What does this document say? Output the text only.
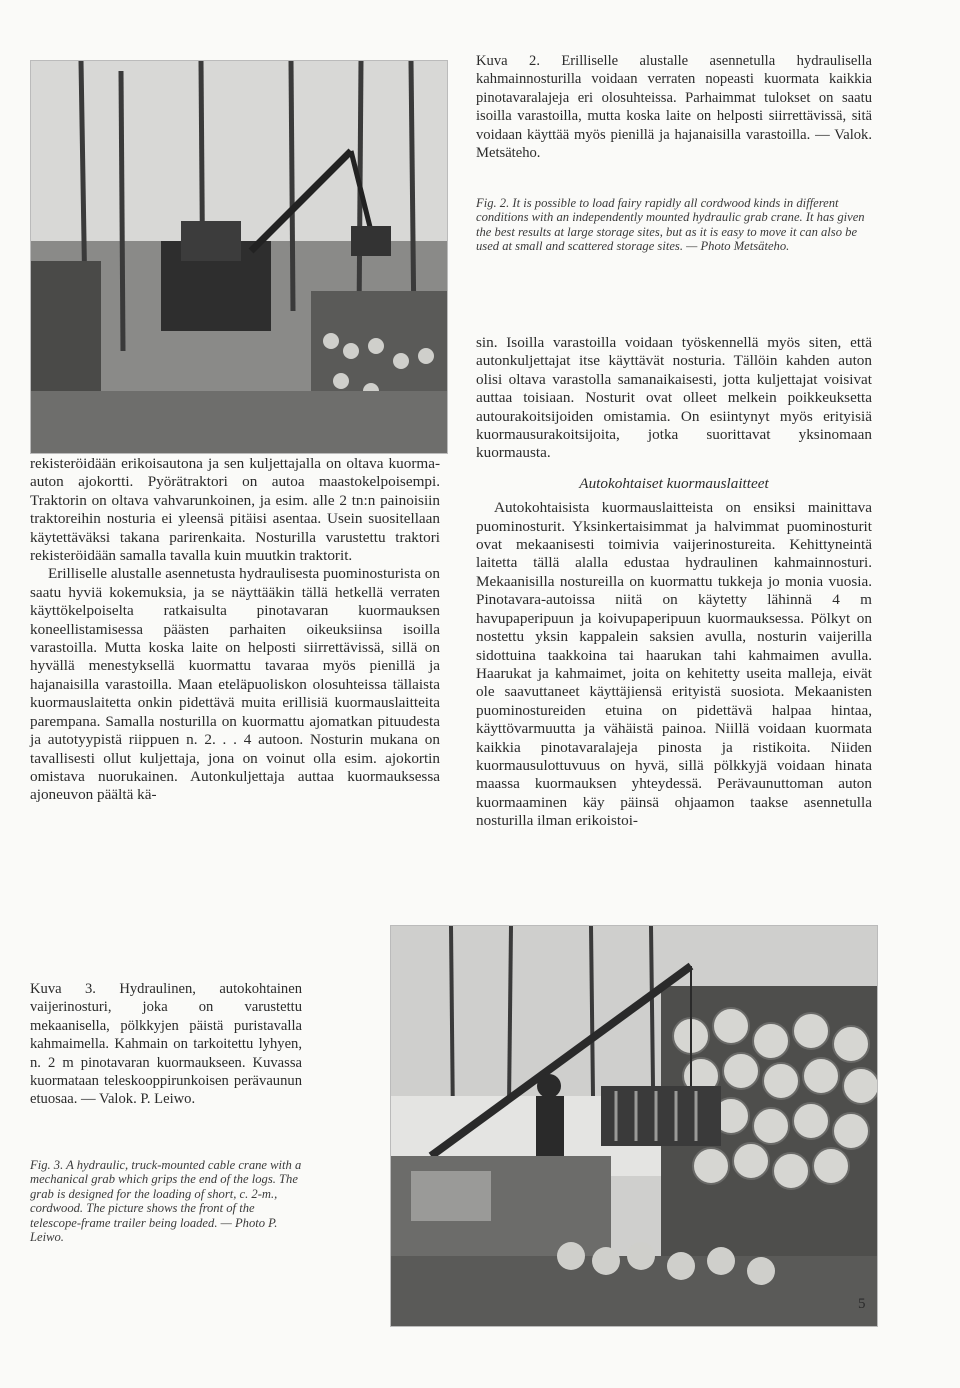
Kuva 2. Erilliselle alustalle asennetulla hydraulisella kahmainnosturilla voidaan verraten nopeasti kuormata kaikkia pinotavaralajeja eri olosuhteissa. Parhaimmat tulokset on saatu isoilla varastoilla, mutta koska laite on helposti siirrettävissä, sitä voidaan käyttää myös pienillä ja hajanaisilla varastoilla. — Valok. Metsäteho.

Fig. 2. It is possible to load fairy rapidly all cordwood kinds in different conditions with an independently mounted hydraulic grab crane. It has given the best results at large storage sites, but as it is easy to move it can also be used at small and scattered storage sites. — Photo Metsäteho.

rekisteröidään erikoisautona ja sen kuljettajalla on oltava kuorma-auton ajokortti. Pyörätraktori on autoa maastokelpoisempi. Traktorin on oltava vahvarunkoinen, ja esim. alle 2 tn:n painoisiin traktoreihin nosturia ei yleensä pitäisi asentaa. Usein suositellaan käytettäväksi takana parirenkaita. Nosturilla varustettu traktori rekisteröidään samalla tavalla kuin muutkin traktorit.

Erilliselle alustalle asennetusta hydraulisesta puominosturista on saatu hyviä kokemuksia, ja se näyttääkin tällä hetkellä verraten käyttökelpoiselta ratkaisulta pinotavaran kuormauksen koneellistamisessa päästen parhaiten oikeuksiinsa isoilla varastoilla. Mutta koska laite on helposti siirrettävissä, sillä on hyvällä menestyksellä kuormattu tavaraa myös pienillä ja hajanaisilla varastoilla. Maan eteläpuoliskon olosuhteissa tällaista kuormauslaitetta onkin pidettävä muita erillisiä kuormauslaitteita parempana. Samalla nosturilla on kuormattu ajomatkan pituudesta ja autotyypistä riippuen n. 2. . . 4 autoon. Nosturin mukana on tavallisesti ollut kuljettaja, jona on voinut olla esim. ajokortin omistava nuorukainen. Autonkuljettaja auttaa kuormauksessa ajoneuvon päältä kä-

sin. Isoilla varastoilla voidaan työskennellä myös siten, että autonkuljettajat itse käyttävät nosturia. Tällöin kahden auton olisi oltava varastolla samanaikaisesti, jotta kuljettajat voisivat auttaa toisiaan. Nosturit ovat olleet melkein poikkeuksetta autourakoitsijoiden omistamia. On esiintynyt myös erityisiä kuormausurakoitsijoita, jotka suorittavat yksinomaan kuormausta.

Autokohtaiset kuormauslaitteet

Autokohtaisista kuormauslaitteista on ensiksi mainittava puominosturit. Yksinkertaisimmat ja halvimmat puominosturit ovat mekaanisesti toimivia vaijerinostureita. Kehittyneintä laitetta tällä alalla edustaa hydraulinen kahmainnosturi. Mekaanisilla nostureilla on kuormattu tukkeja jo monia vuosia. Pinotavara-autoissa niitä on käytetty lähinnä 4 m havupaperipuun ja koivupaperipuun kuormauksessa. Pölkyt on nostettu yksin kappalein saksien avulla, nosturin vaijerilla sidottuina taakkoina tai haarukan tahi kahmaimen avulla. Haarukat ja kahmaimet, joita on kehitetty useita malleja, eivät ole saavuttaneet käyttäjiensä erityistä suosiota. Mekaanisten puominostureiden etuina on pidettävä halpaa hintaa, käyttövarmuutta ja vähäistä painoa. Niillä voidaan kuormata kaikkia pinotavaralajeja pinosta ja ristikoita. Niiden kuormausulottuvuus on hyvä, sillä pölkkyjä voidaan hinata maassa kuormauksen yhteydessä. Perävaunuttoman auton kuormaaminen käy päinsä ohjaamon taakse asennetulla nosturilla ilman erikoistoi-

Kuva 3. Hydraulinen, autokohtainen vaijerinosturi, joka on varustettu mekaanisella, pölkkyjen päistä puristavalla kahmaimella. Kahmain on tarkoitettu lyhyen, n. 2 m pinotavaran kuormaukseen. Kuvassa kuormataan teleskooppirunkoisen perävaunun etuosaa. — Valok. P. Leiwo.

Fig. 3. A hydraulic, truck-mounted cable crane with a mechanical grab which grips the end of the logs. The grab is designed for the loading of short, c. 2-m., cordwood. The picture shows the front of the telescope-frame trailer being loaded. — Photo P. Leiwo.

5
